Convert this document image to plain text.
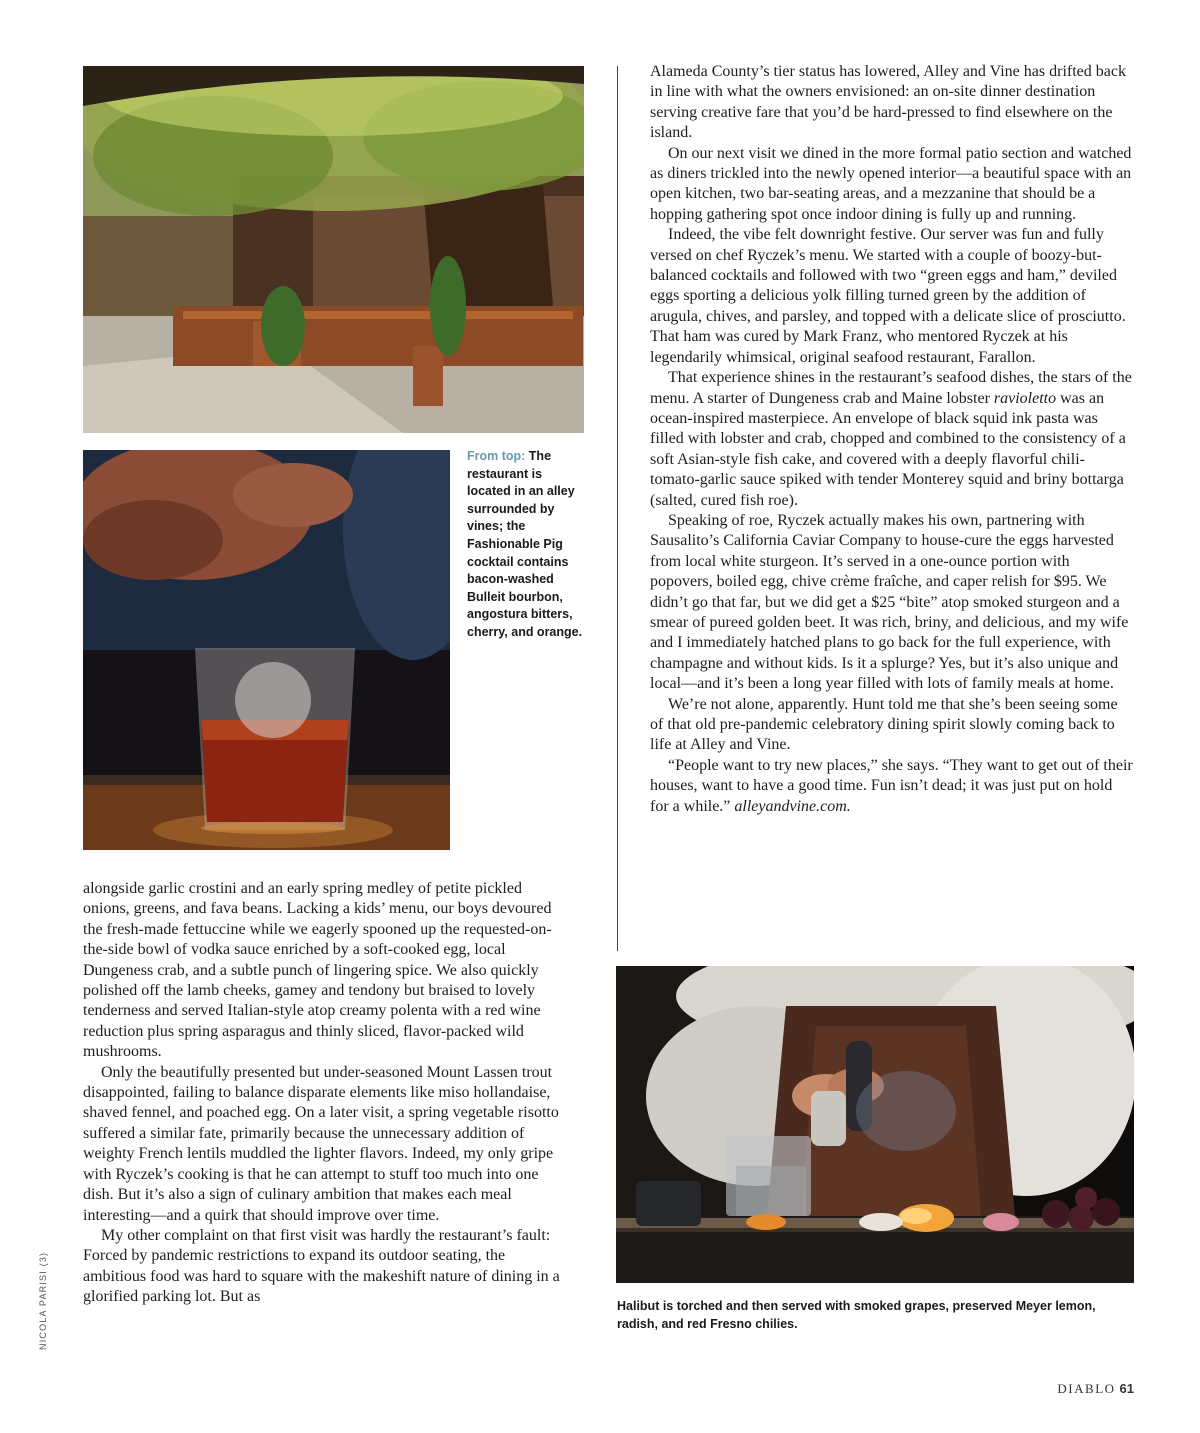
From top: The restaurant is located in an alley surrounded by vines; the Fashionable Pig cocktail contains bacon-washed Bulleit bourbon, angostura bitters, cherry, and orange.

Alameda County’s tier status has lowered, Alley and Vine has drifted back in line with what the owners envisioned: an on-site dinner destination serving creative fare that you’d be hard-pressed to find elsewhere on the island.

On our next visit we dined in the more formal patio section and watched as diners trickled into the newly opened interior—a beautiful space with an open kitchen, two bar-seating areas, and a mezzanine that should be a hopping gathering spot once indoor dining is fully up and running.

Indeed, the vibe felt downright festive. Our server was fun and fully versed on chef Ryczek’s menu. We started with a couple of boozy-but-balanced cocktails and followed with two “green eggs and ham,” deviled eggs sporting a delicious yolk filling turned green by the addition of arugula, chives, and parsley, and topped with a delicate slice of prosciutto. That ham was cured by Mark Franz, who mentored Ryczek at his legendarily whimsical, original seafood restaurant, Farallon.

That experience shines in the restaurant’s seafood dishes, the stars of the menu. A starter of Dungeness crab and Maine lobster ravioletto was an ocean-inspired masterpiece. An envelope of black squid ink pasta was filled with lobster and crab, chopped and combined to the consistency of a soft Asian-style fish cake, and covered with a deeply flavorful chili-tomato-garlic sauce spiked with tender Monterey squid and briny bottarga (salted, cured fish roe).

Speaking of roe, Ryczek actually makes his own, partnering with Sausalito’s California Caviar Company to house-cure the eggs harvested from local white sturgeon. It’s served in a one-ounce portion with popovers, boiled egg, chive crème fraîche, and caper relish for $95. We didn’t go that far, but we did get a $25 “bite” atop smoked sturgeon and a smear of pureed golden beet. It was rich, briny, and delicious, and my wife and I immediately hatched plans to go back for the full experience, with champagne and without kids. Is it a splurge? Yes, but it’s also unique and local—and it’s been a long year filled with lots of family meals at home.

We’re not alone, apparently. Hunt told me that she’s been seeing some of that old pre-pandemic celebratory dining spirit slowly coming back to life at Alley and Vine.

“People want to try new places,” she says. “They want to get out of their houses, want to have a good time. Fun isn’t dead; it was just put on hold for a while.” alleyandvine.com.

alongside garlic crostini and an early spring medley of petite pickled onions, greens, and fava beans. Lacking a kids’ menu, our boys devoured the fresh-made fettuccine while we eagerly spooned up the requested-on-the-side bowl of vodka sauce enriched by a soft-cooked egg, local Dungeness crab, and a subtle punch of lingering spice. We also quickly polished off the lamb cheeks, gamey and tendony but braised to lovely tenderness and served Italian-style atop creamy polenta with a red wine reduction plus spring asparagus and thinly sliced, flavor-packed wild mushrooms.

Only the beautifully presented but under-seasoned Mount Lassen trout disappointed, failing to balance disparate elements like miso hollandaise, shaved fennel, and poached egg. On a later visit, a spring vegetable risotto suffered a similar fate, primarily because the unnecessary addition of weighty French lentils muddled the lighter flavors. Indeed, my only gripe with Ryczek’s cooking is that he can attempt to stuff too much into one dish. But it’s also a sign of culinary ambition that makes each meal interesting—and a quirk that should improve over time.

My other complaint on that first visit was hardly the restaurant’s fault: Forced by pandemic restrictions to expand its outdoor seating, the ambitious food was hard to square with the makeshift nature of dining in a glorified parking lot. But as

Halibut is torched and then served with smoked grapes, preserved Meyer lemon, radish, and red Fresno chilies.
NICOLA PARISI (3)
DIABLO 61
